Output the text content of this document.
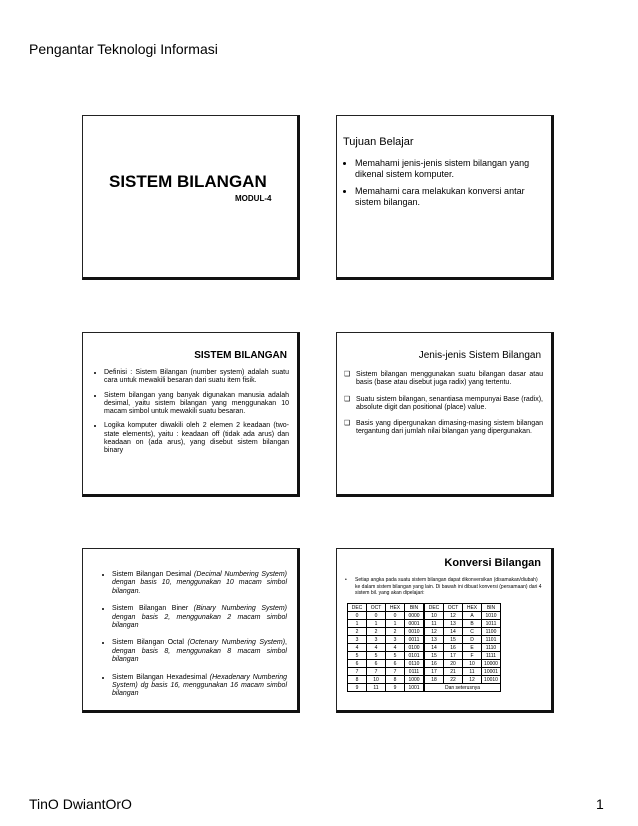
Pengantar Teknologi Informasi
SISTEM BILANGAN
MODUL-4
Tujuan Belajar
• Memahami jenis-jenis sistem bilangan yang dikenal sistem komputer.
• Memahami cara melakukan konversi antar sistem bilangan.
SISTEM BILANGAN
• Definisi : Sistem Bilangan (number system) adalah suatu cara untuk mewakili besaran dari suatu item fisik.
• Sistem bilangan yang banyak digunakan manusia adalah desimal, yaitu sistem bilangan yang menggunakan 10 macam simbol untuk mewakili suatu besaran.
• Logika komputer diwakili oleh 2 elemen 2 keadaan (two-state elements), yaitu : keadaan off (tidak ada arus) dan keadaan on (ada arus), yang disebut sistem bilangan binary
Jenis-jenis Sistem Bilangan
❑ Sistem bilangan menggunakan suatu bilangan dasar atau basis (base atau disebut juga radix) yang tertentu.
❑ Suatu sistem bilangan, senantiasa mempunyai Base (radix), absolute digit dan positional (place) value.
❑ Basis yang dipergunakan dimasing-masing sistem bilangan tergantung dari jumlah nilai bilangan yang dipergunakan.
• Sistem Bilangan Desimal (Decimal Numbering System) dengan basis 10, menggunakan 10 macam simbol bilangan.
• Sistem Bilangan Biner (Binary Numbering System) dengan basis 2, menggunakan 2 macam simbol bilangan
• Sistem Bilangan Octal (Octenary Numbering System), dengan basis 8, menggunakan 8 macam simbol bilangan
• Sistem Bilangan Hexadesimal (Hexadenary Numbering System) dg basis 16, menggunakan 16 macam simbol bilangan
Konversi Bilangan
• Setiap angka pada suatu sistem bilangan dapat dikonversikan (disamakan/diubah) ke dalam sistem bilangan yang lain. Di bawah ini dibuat konversi (persamaan) dari 4 sistem bil. yang akan dipelajari:
DEC	OCT	HEX	BIN
0	0	0	0000
1	1	1	0001
2	2	2	0010
3	3	3	0011
4	4	4	0100
5	5	5	0101
6	6	6	0110
7	7	7	0111
8	10	8	1000
9	11	9	1001
DEC	OCT	HEX	BIN
10	12	A	1010
11	13	B	1011
12	14	C	1100
13	15	D	1101
14	16	E	1110
15	17	F	1111
16	20	10	10000
17	21	11	10001
18	22	12	10010
Dan seterusnya			
TinO DwiantOrO	1
